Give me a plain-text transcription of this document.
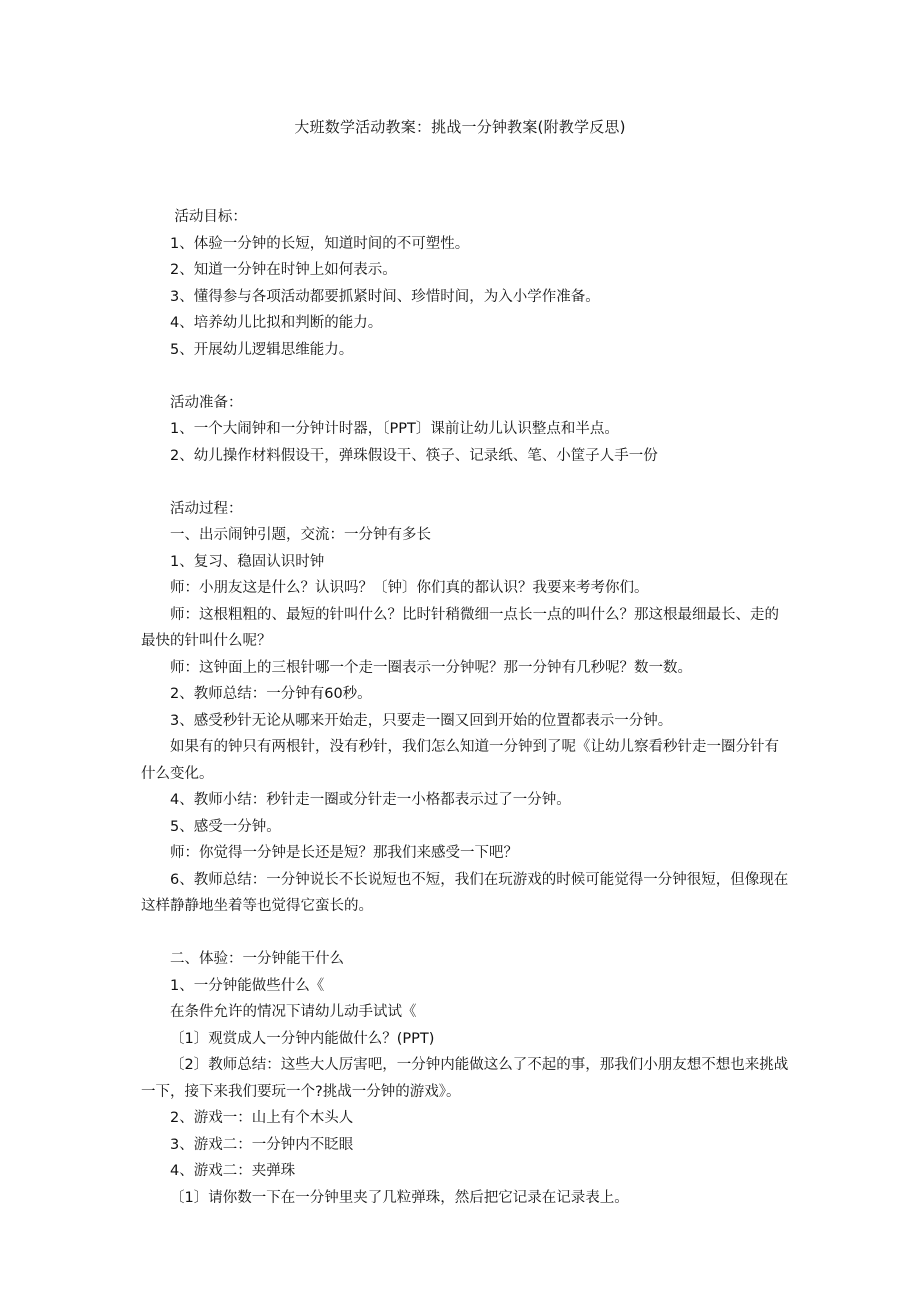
大班数学活动教案：挑战一分钟教案(附教学反思)

活动目标：

1、体验一分钟的长短，知道时间的不可塑性。

2、知道一分钟在时钟上如何表示。

3、懂得参与各项活动都要抓紧时间、珍惜时间，为入小学作准备。

4、培养幼儿比拟和判断的能力。

5、开展幼儿逻辑思维能力。

活动准备：

1、一个大闹钟和一分钟计时器，〔PPT〕课前让幼儿认识整点和半点。

2、幼儿操作材料假设干，弹珠假设干、筷子、记录纸、笔、小筐子人手一份

活动过程：

一、出示闹钟引题，交流：一分钟有多长

1、复习、稳固认识时钟

师：小朋友这是什么？认识吗？〔钟〕你们真的都认识？我要来考考你们。

师：这根粗粗的、最短的针叫什么？比时针稍微细一点长一点的叫什么？那这根最细最长、走的最快的针叫什么呢？

师：这钟面上的三根针哪一个走一圈表示一分钟呢？那一分钟有几秒呢？数一数。

2、教师总结：一分钟有60秒。

3、感受秒针无论从哪来开始走，只要走一圈又回到开始的位置都表示一分钟。

如果有的钟只有两根针，没有秒针，我们怎么知道一分钟到了呢《让幼儿察看秒针走一圈分针有什么变化。

4、教师小结：秒针走一圈或分针走一小格都表示过了一分钟。

5、感受一分钟。

师：你觉得一分钟是长还是短？那我们来感受一下吧？

6、教师总结：一分钟说长不长说短也不短，我们在玩游戏的时候可能觉得一分钟很短，但像现在这样静静地坐着等也觉得它蛮长的。

二、体验：一分钟能干什么

1、一分钟能做些什么《

在条件允许的情况下请幼儿动手试试《

〔1〕观赏成人一分钟内能做什么？(PPT)

〔2〕教师总结：这些大人厉害吧，一分钟内能做这么了不起的事，那我们小朋友想不想也来挑战一下，接下来我们要玩一个?挑战一分钟的游戏》。

2、游戏一：山上有个木头人

3、游戏二：一分钟内不眨眼

4、游戏二：夹弹珠

〔1〕请你数一下在一分钟里夹了几粒弹珠，然后把它记录在记录表上。
